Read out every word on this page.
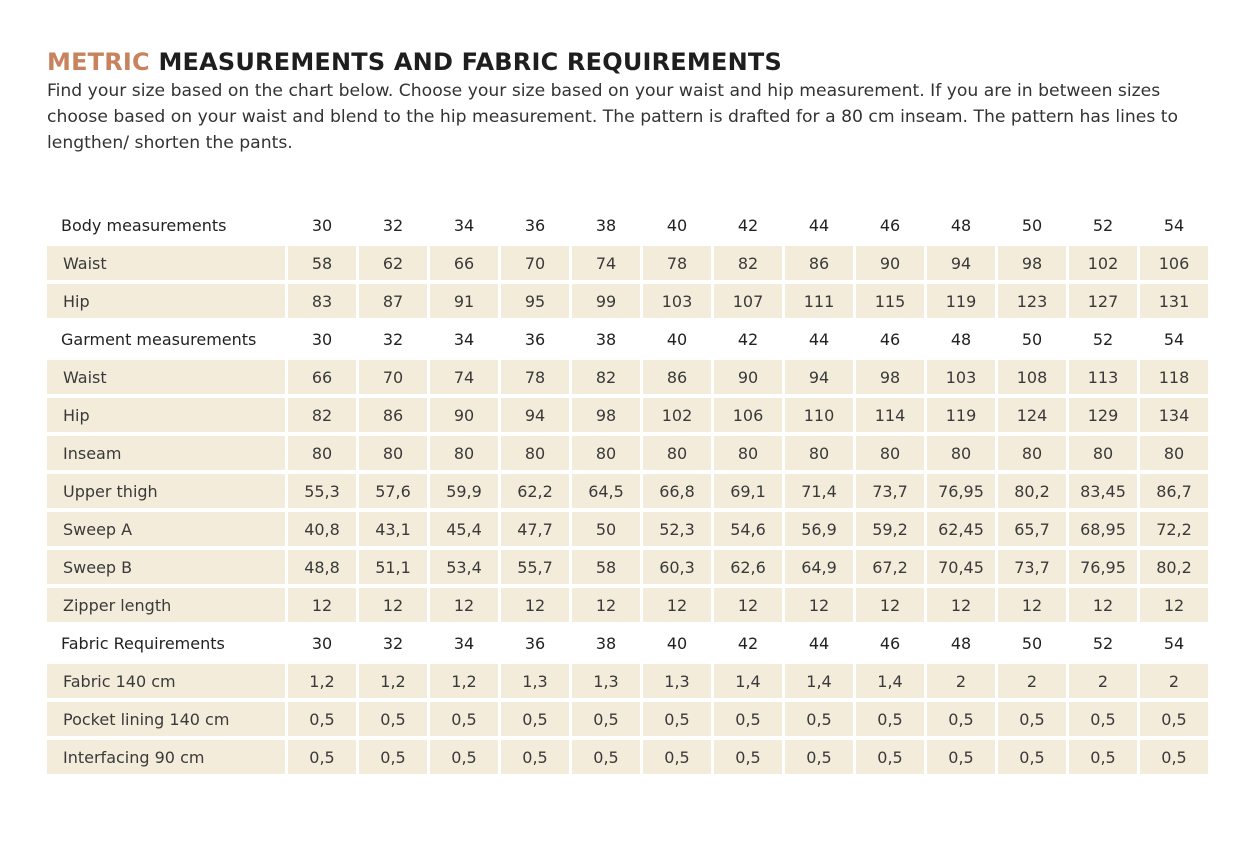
METRIC MEASUREMENTS AND FABRIC REQUIREMENTS

Find your size based on the chart below. Choose your size based on your waist and hip measurement. If you are in between sizes choose based on your waist and blend to the hip measurement. The pattern is drafted for a 80 cm inseam. The pattern has lines to lengthen/ shorten the pants.

Body measurements	30	32	34	36	38	40	42	44	46	48	50	52	54
Waist	58	62	66	70	74	78	82	86	90	94	98	102	106
Hip	83	87	91	95	99	103	107	111	115	119	123	127	131
Garment measurements	30	32	34	36	38	40	42	44	46	48	50	52	54
Waist	66	70	74	78	82	86	90	94	98	103	108	113	118
Hip	82	86	90	94	98	102	106	110	114	119	124	129	134
Inseam	80	80	80	80	80	80	80	80	80	80	80	80	80
Upper thigh	55,3	57,6	59,9	62,2	64,5	66,8	69,1	71,4	73,7	76,95	80,2	83,45	86,7
Sweep A	40,8	43,1	45,4	47,7	50	52,3	54,6	56,9	59,2	62,45	65,7	68,95	72,2
Sweep B	48,8	51,1	53,4	55,7	58	60,3	62,6	64,9	67,2	70,45	73,7	76,95	80,2
Zipper length	12	12	12	12	12	12	12	12	12	12	12	12	12
Fabric Requirements	30	32	34	36	38	40	42	44	46	48	50	52	54
Fabric 140 cm	1,2	1,2	1,2	1,3	1,3	1,3	1,4	1,4	1,4	2	2	2	2
Pocket lining 140 cm	0,5	0,5	0,5	0,5	0,5	0,5	0,5	0,5	0,5	0,5	0,5	0,5	0,5
Interfacing 90 cm	0,5	0,5	0,5	0,5	0,5	0,5	0,5	0,5	0,5	0,5	0,5	0,5	0,5
